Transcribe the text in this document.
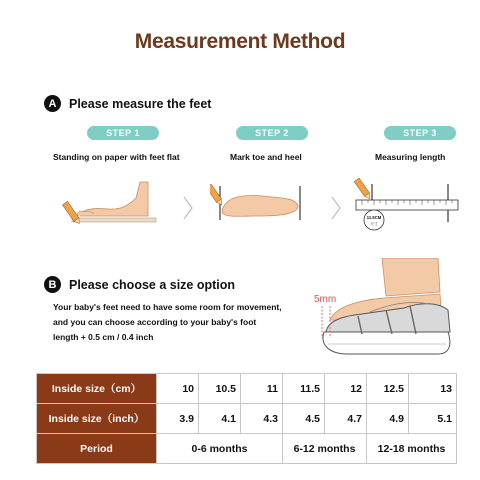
Measurement Method
A	Please measure the feet
STEP 1	STEP 2	STEP 3
Standing on paper with feet flat	Mark toe and heel	Measuring length
11.5CM
尺寸
B	Please choose a size option
Your baby's feet need to have some room for movement, and you can choose according to your baby's foot length + 0.5 cm / 0.4 inch
5mm
Inside size（cm）	10	10.5	11	11.5	12	12.5	13
Inside size（inch）	3.9	4.1	4.3	4.5	4.7	4.9	5.1
Period	0-6 months			6-12 months		12-18 months	
